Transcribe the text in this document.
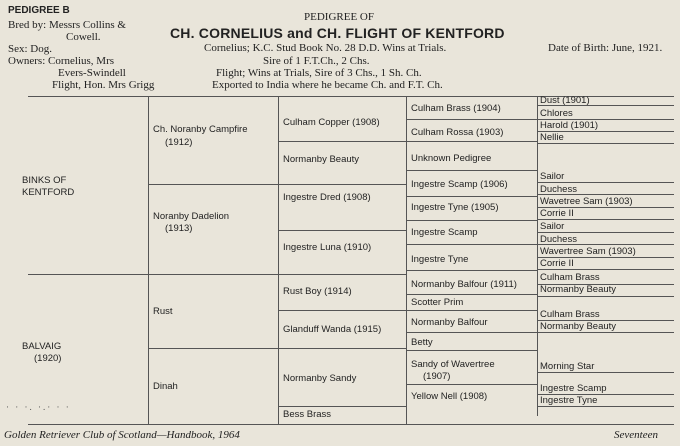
PEDIGREE B
PEDIGREE OF
CH. CORNELIUS and CH. FLIGHT OF KENTFORD
Bred by: Messrs Collins &
Cowell.
Sex: Dog.
Owners: Cornelius, Mrs
Evers-Swindell
Flight, Hon. Mrs Grigg
Cornelius; K.C. Stud Book No. 28 D.D. Wins at Trials.
Sire of 1 F.T.Ch., 2 Chs.
Flight; Wins at Trials, Sire of 3 Chs., 1 Sh. Ch.
Exported to India where he became Ch. and F.T. Ch.
Date of Birth: June, 1921.
BINKS OF
KENTFORD
BALVAIG
(1920)
Ch. Noranby Campfire
(1912)
Noranby Dadelion
(1913)
Rust
Dinah
Culham Copper (1908)
Normanby Beauty
Ingestre Dred (1908)
Ingestre Luna (1910)
Rust Boy (1914)
Glanduff Wanda (1915)
Normanby Sandy
Bess Brass
Culham Brass (1904)
Culham Rossa (1903)
Unknown Pedigree
Ingestre Scamp (1906)
Ingestre Tyne (1905)
Ingestre Scamp
Ingestre Tyne
Normanby Balfour (1911)
Scotter Prim
Normanby Balfour
Betty
Sandy of Wavertree
(1907)
Yellow Nell (1908)
Dust (1901)
Chlores
Harold (1901)
Nellie
Sailor
Duchess
Wavetree Sam (1903)
Corrie II
Sailor
Duchess
Wavertree Sam (1903)
Corrie II
Culham Brass
Normanby Beauty
Culham Brass
Normanby Beauty
Morning Star
Ingestre Scamp
Ingestre Tyne
· · ·. ·.· · ·
Golden Retriever Club of Scotland—Handbook, 1964	Seventeen
